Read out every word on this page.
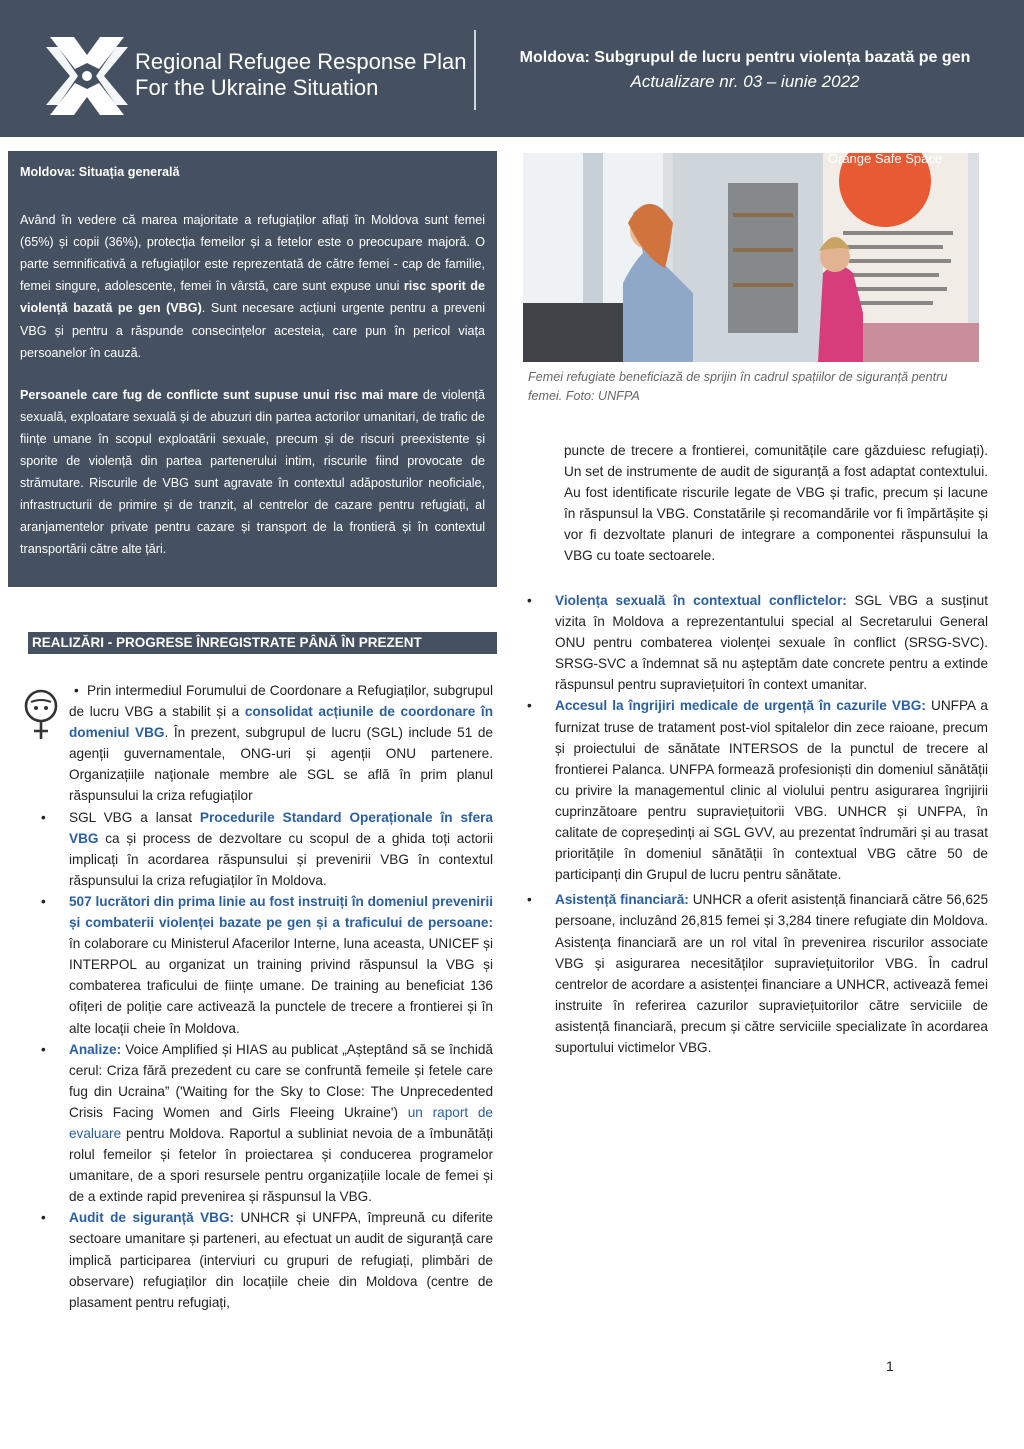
Regional Refugee Response Plan
For the Ukraine Situation
Moldova: Subgrupul de lucru pentru violența bazată pe gen
Actualizare nr. 03 – iunie 2022
Moldova: Situația generală

Având în vedere că marea majoritate a refugiaților aflați în Moldova sunt femei (65%) și copii (36%), protecția femeilor și a fetelor este o preocupare majoră. O parte semnificativă a refugiaților este reprezentată de către femei - cap de familie, femei singure, adolescente, femei în vârstă, care sunt expuse unui risc sporit de violență bazată pe gen (VBG). Sunt necesare acțiuni urgente pentru a preveni VBG și pentru a răspunde consecințelor acesteia, care pun în pericol viața persoanelor în cauză.

Persoanele care fug de conflicte sunt supuse unui risc mai mare de violență sexuală, exploatare sexuală și de abuzuri din partea actorilor umanitari, de trafic de ființe umane în scopul exploatării sexuale, precum și de riscuri preexistente și sporite de violență din partea partenerului intim, riscurile fiind provocate de strămutare. Riscurile de VBG sunt agravate în contextul adăposturilor neoficiale, infrastructurii de primire și de tranzit, al centrelor de cazare pentru refugiați, al aranjamentelor private pentru cazare și transport de la frontieră și în contextul transportării către alte țări.

Orange Safe Space
Femei refugiate beneficiază de sprijin în cadrul spațiilor de siguranță pentru femei. Foto: UNFPA
REALIZĂRI - PROGRESE ÎNREGISTRATE PÂNĂ ÎN PREZENT
• Prin intermediul Forumului de Coordonare a Refugiaților, subgrupul de lucru VBG a stabilit și a consolidat acțiunile de coordonare în domeniul VBG. În prezent, subgrupul de lucru (SGL) include 51 de agenții guvernamentale, ONG-uri și agenții ONU partenere. Organizațiile naționale membre ale SGL se află în prim planul răspunsului la criza refugiaților
• SGL VBG a lansat Procedurile Standard Operaționale în sfera VBG ca și process de dezvoltare cu scopul de a ghida toți actorii implicați în acordarea răspunsului și prevenirii VBG în contextul răspunsului la criza refugiaților în Moldova.
• 507 lucrători din prima linie au fost instruiți în domeniul prevenirii și combaterii violenței bazate pe gen și a traficului de persoane: în colaborare cu Ministerul Afacerilor Interne, luna aceasta, UNICEF și INTERPOL au organizat un training privind răspunsul la VBG și combaterea traficului de ființe umane. De training au beneficiat 136 ofițeri de poliție care activează la punctele de trecere a frontierei și în alte locații cheie în Moldova.
• Analize: Voice Amplified și HIAS au publicat „Așteptând să se închidă cerul: Criza fără prezedent cu care se confruntă femeile și fetele care fug din Ucraina” ('Waiting for the Sky to Close: The Unprecedented Crisis Facing Women and Girls Fleeing Ukraine') un raport de evaluare pentru Moldova. Raportul a subliniat nevoia de a îmbunătăți rolul femeilor și fetelor în proiectarea și conducerea programelor umanitare, de a spori resursele pentru organizațiile locale de femei și de a extinde rapid prevenirea și răspunsul la VBG.
• Audit de siguranță VBG: UNHCR și UNFPA, împreună cu diferite sectoare umanitare și parteneri, au efectuat un audit de siguranță care implică participarea (interviuri cu grupuri de refugiați, plimbări de observare) refugiaților din locațiile cheie din Moldova (centre de plasament pentru refugiați,
puncte de trecere a frontierei, comunitățile care găzduiesc refugiați). Un set de instrumente de audit de siguranță a fost adaptat contextului. Au fost identificate riscurile legate de VBG și trafic, precum și lacune în răspunsul la VBG. Constatările și recomandările vor fi împărtășite și vor fi dezvoltate planuri de integrare a componentei răspunsului la VBG cu toate sectoarele.
• Violența sexuală în contextual conflictelor: SGL VBG a susținut vizita în Moldova a reprezentantului special al Secretarului General ONU pentru combaterea violenței sexuale în conflict (SRSG-SVC). SRSG-SVC a îndemnat să nu așteptăm date concrete pentru a extinde răspunsul pentru supraviețuitori în context umanitar.
• Accesul la îngrijiri medicale de urgență în cazurile VBG: UNFPA a furnizat truse de tratament post-viol spitalelor din zece raioane, precum și proiectului de sănătate INTERSOS de la punctul de trecere al frontierei Palanca. UNFPA formează profesioniști din domeniul sănătății cu privire la managementul clinic al violului pentru asigurarea îngrijirii cuprinzătoare pentru supraviețuitorii VBG. UNHCR și UNFPA, în calitate de copreședinți ai SGL GVV, au prezentat îndrumări și au trasat prioritățile în domeniul sănătății în contextual VBG către 50 de participanți din Grupul de lucru pentru sănătate.
• Asistență financiară: UNHCR a oferit asistență financiară către 56,625 persoane, incluzând 26,815 femei și 3,284 tinere refugiate din Moldova. Asistența financiară are un rol vital în prevenirea riscurilor associate VBG și asigurarea necesităților supraviețuitorilor VBG. În cadrul centrelor de acordare a asistenței financiare a UNHCR, activează femei instruite în referirea cazurilor supraviețuitorilor către serviciile de asistență financiară, precum și către serviciile specializate în acordarea suportului victimelor VBG.
1
